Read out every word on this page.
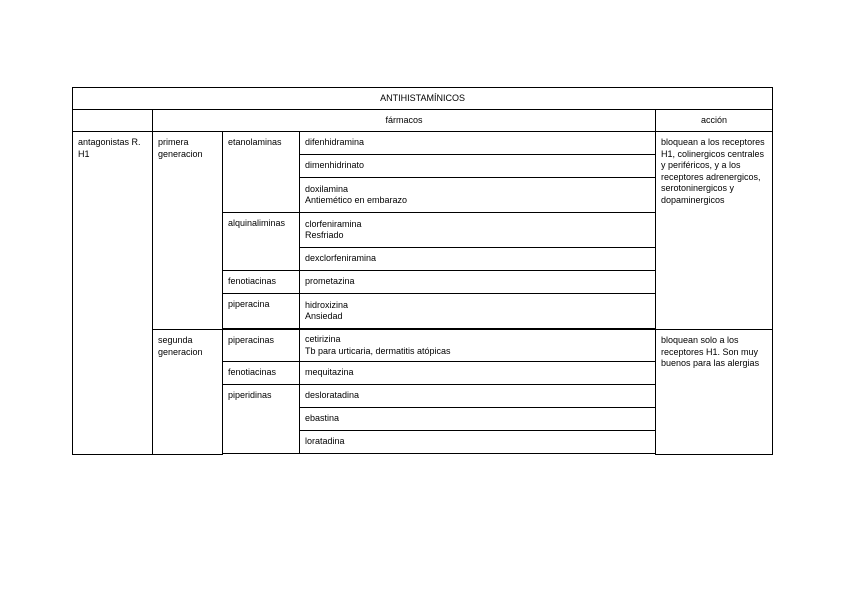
ANTIHISTAMÍNICOS				
	fármacos			acción

antagonistas R. H1	primera generacion	etanolaminas	difenhidramina	bloquean a los receptores H1, colinergicos centrales y periféricos, y a los receptores adrenergicos, serotoninergicos y dopaminergicos

			dimenhidrinato	

			doxilamina
Antiemético en embarazo	

		alquinaliminas	clorfeniramina
Resfriado	

			dexclorfeniramina	
		fenotiacinas	prometazina	
		piperacina	hidroxizina
Ansiedad	

	segunda generacion	piperacinas	cetirizina
Tb para urticaria, dermatitis atópicas	bloquean solo a los receptores H1. Son muy buenos para las alergias

		fenotiacinas	mequitazina	
		piperidinas	desloratadina	
			ebastina	
			loratadina	
